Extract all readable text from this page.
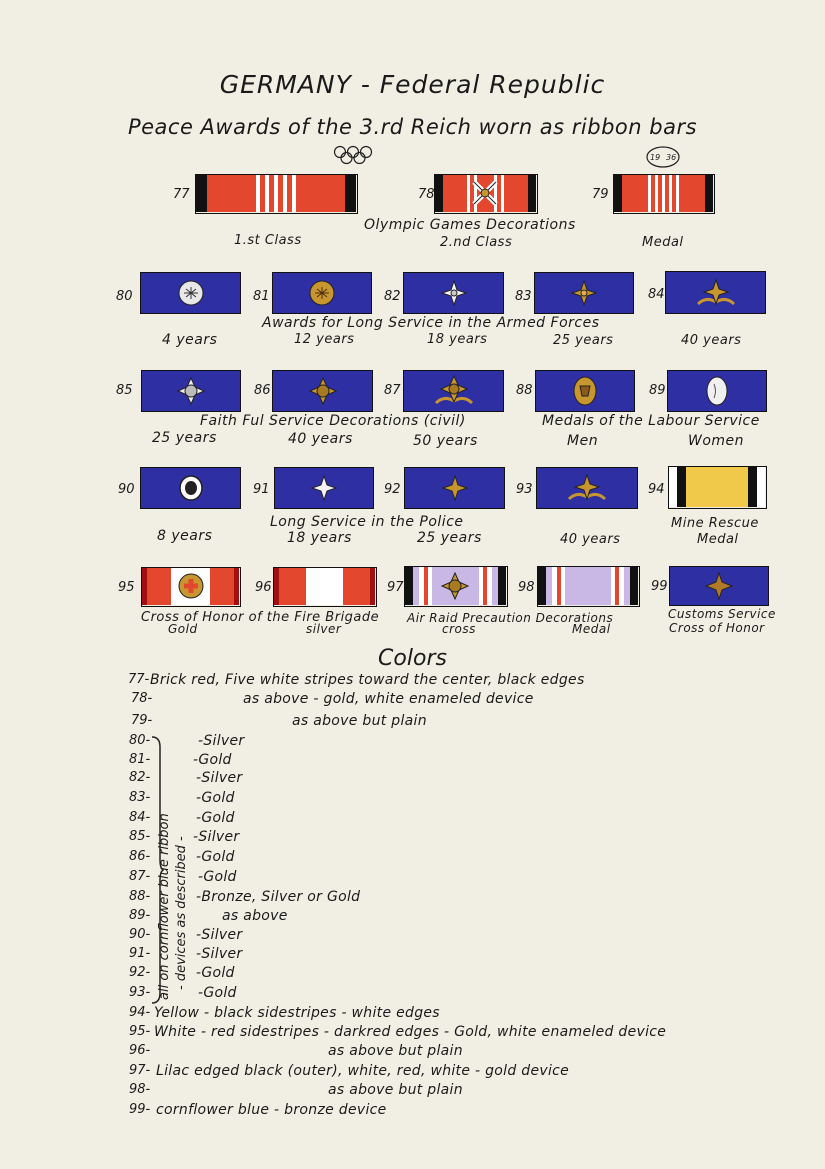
GERMANY - Federal Republic
Peace Awards of the 3.rd Reich worn as ribbon bars
19 36
77	78	79
Olympic Games Decorations
1.st Class	2.nd Class	Medal
80	81	82	83	84
Awards for Long Service in the Armed Forces
4 years	12 years	18 years	25 years	40 years
85	86	87	88	89
Faith Ful Service Decorations (civil)	Medals of the Labour Service
25 years	40 years	50 years	Men	Women
90	91	92	93	94
Long Service in the Police
8 years	18 years	25 years	40 years
Mine Rescue
Medal
95	96	97	98	99
Cross of Honor of the Fire Brigade
Gold	silver
Air Raid Precaution Decorations
cross	Medal
Customs Service
Cross of Honor
Colors
77- Brick red, Five white stripes toward the center, black edges
78-	as above - gold, white enameled device
79-	as above but plain
80-	-Silver
81-	-Gold
82-	-Silver
83-	-Gold
84-	-Gold
85-	-Silver
86-	-Gold
87-	-Gold
88-	-Bronze, Silver or Gold
89-	as above
90-	-Silver
91-	-Silver
92-	-Gold
93-	-Gold
94- Yellow - black sidestripes - white edges
95- White - red sidestripes - darkred edges - Gold, white enameled device
96-	as above but plain
97- Lilac edged black (outer), white, red, white - gold device
98-	as above but plain
99- cornflower blue - bronze device
all on cornflower blue ribbon - devices as described -
